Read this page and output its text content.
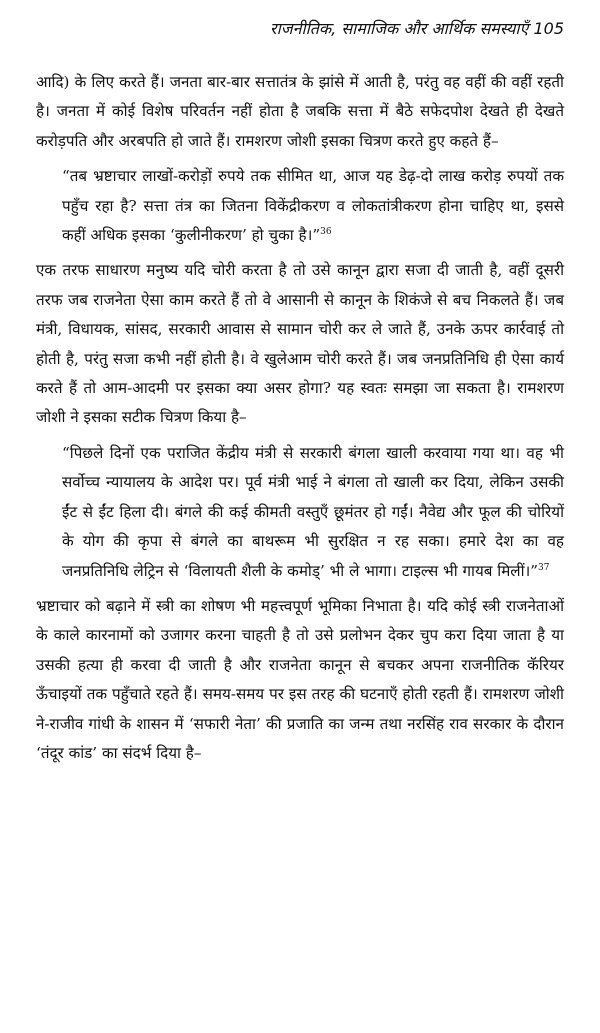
राजनीतिक, सामाजिक और आर्थिक समस्याएँ 105

आदि) के लिए करते हैं। जनता बार-बार सत्तातंत्र के झांसे में आती है, परंतु वह वहीं की वहीं रहती है। जनता में कोई विशेष परिवर्तन नहीं होता है जबकि सत्ता में बैठे सफेदपोश देखते ही देखते करोड़पति और अरबपति हो जाते हैं। रामशरण जोशी इसका चित्रण करते हुए कहते हैं–

“तब भ्रष्टाचार लाखों-करोड़ों रुपये तक सीमित था, आज यह डेढ़-दो लाख करोड़ रुपयों तक पहुँच रहा है? सत्ता तंत्र का जितना विकेंद्रीकरण व लोकतांत्रीकरण होना चाहिए था, इससे कहीं अधिक इसका ‘कुलीनीकरण’ हो चुका है।”$^{36}$

एक तरफ साधारण मनुष्य यदि चोरी करता है तो उसे कानून द्वारा सजा दी जाती है, वहीं दूसरी तरफ जब राजनेता ऐसा काम करते हैं तो वे आसानी से कानून के शिकंजे से बच निकलते हैं। जब मंत्री, विधायक, सांसद, सरकारी आवास से सामान चोरी कर ले जाते हैं, उनके ऊपर कार्रवाई तो होती है, परंतु सजा कभी नहीं होती है। वे खुलेआम चोरी करते हैं। जब जनप्रतिनिधि ही ऐसा कार्य करते हैं तो आम-आदमी पर इसका क्या असर होगा? यह स्वतः समझा जा सकता है। रामशरण जोशी ने इसका सटीक चित्रण किया है–

“पिछले दिनों एक पराजित केंद्रीय मंत्री से सरकारी बंगला खाली करवाया गया था। वह भी सर्वोच्च न्यायालय के आदेश पर। पूर्व मंत्री भाई ने बंगला तो खाली कर दिया, लेकिन उसकी ईंट से ईंट हिला दी। बंगले की कई कीमती वस्तुएँ छूमंतर हो गईं। नैवेद्य और फूल की चोरियों के योग की कृपा से बंगले का बाथरूम भी सुरक्षित न रह सका। हमारे देश का वह जनप्रतिनिधि लेट्रिन से ‘विलायती शैली के कमोड्’ भी ले भागा। टाइल्स भी गायब मिलीं।”$^{37}$

भ्रष्टाचार को बढ़ाने में स्त्री का शोषण भी महत्त्वपूर्ण भूमिका निभाता है। यदि कोई स्त्री राजनेताओं के काले कारनामों को उजागर करना चाहती है तो उसे प्रलोभन देकर चुप करा दिया जाता है या उसकी हत्या ही करवा दी जाती है और राजनेता कानून से बचकर अपना राजनीतिक कॅरियर ऊँचाइयों तक पहुँचाते रहते हैं। समय-समय पर इस तरह की घटनाएँ होती रहती हैं। रामशरण जोशी ने-राजीव गांधी के शासन में ‘सफारी नेता’ की प्रजाति का जन्म तथा नरसिंह राव सरकार के दौरान ‘तंदूर कांड’ का संदर्भ दिया है–
